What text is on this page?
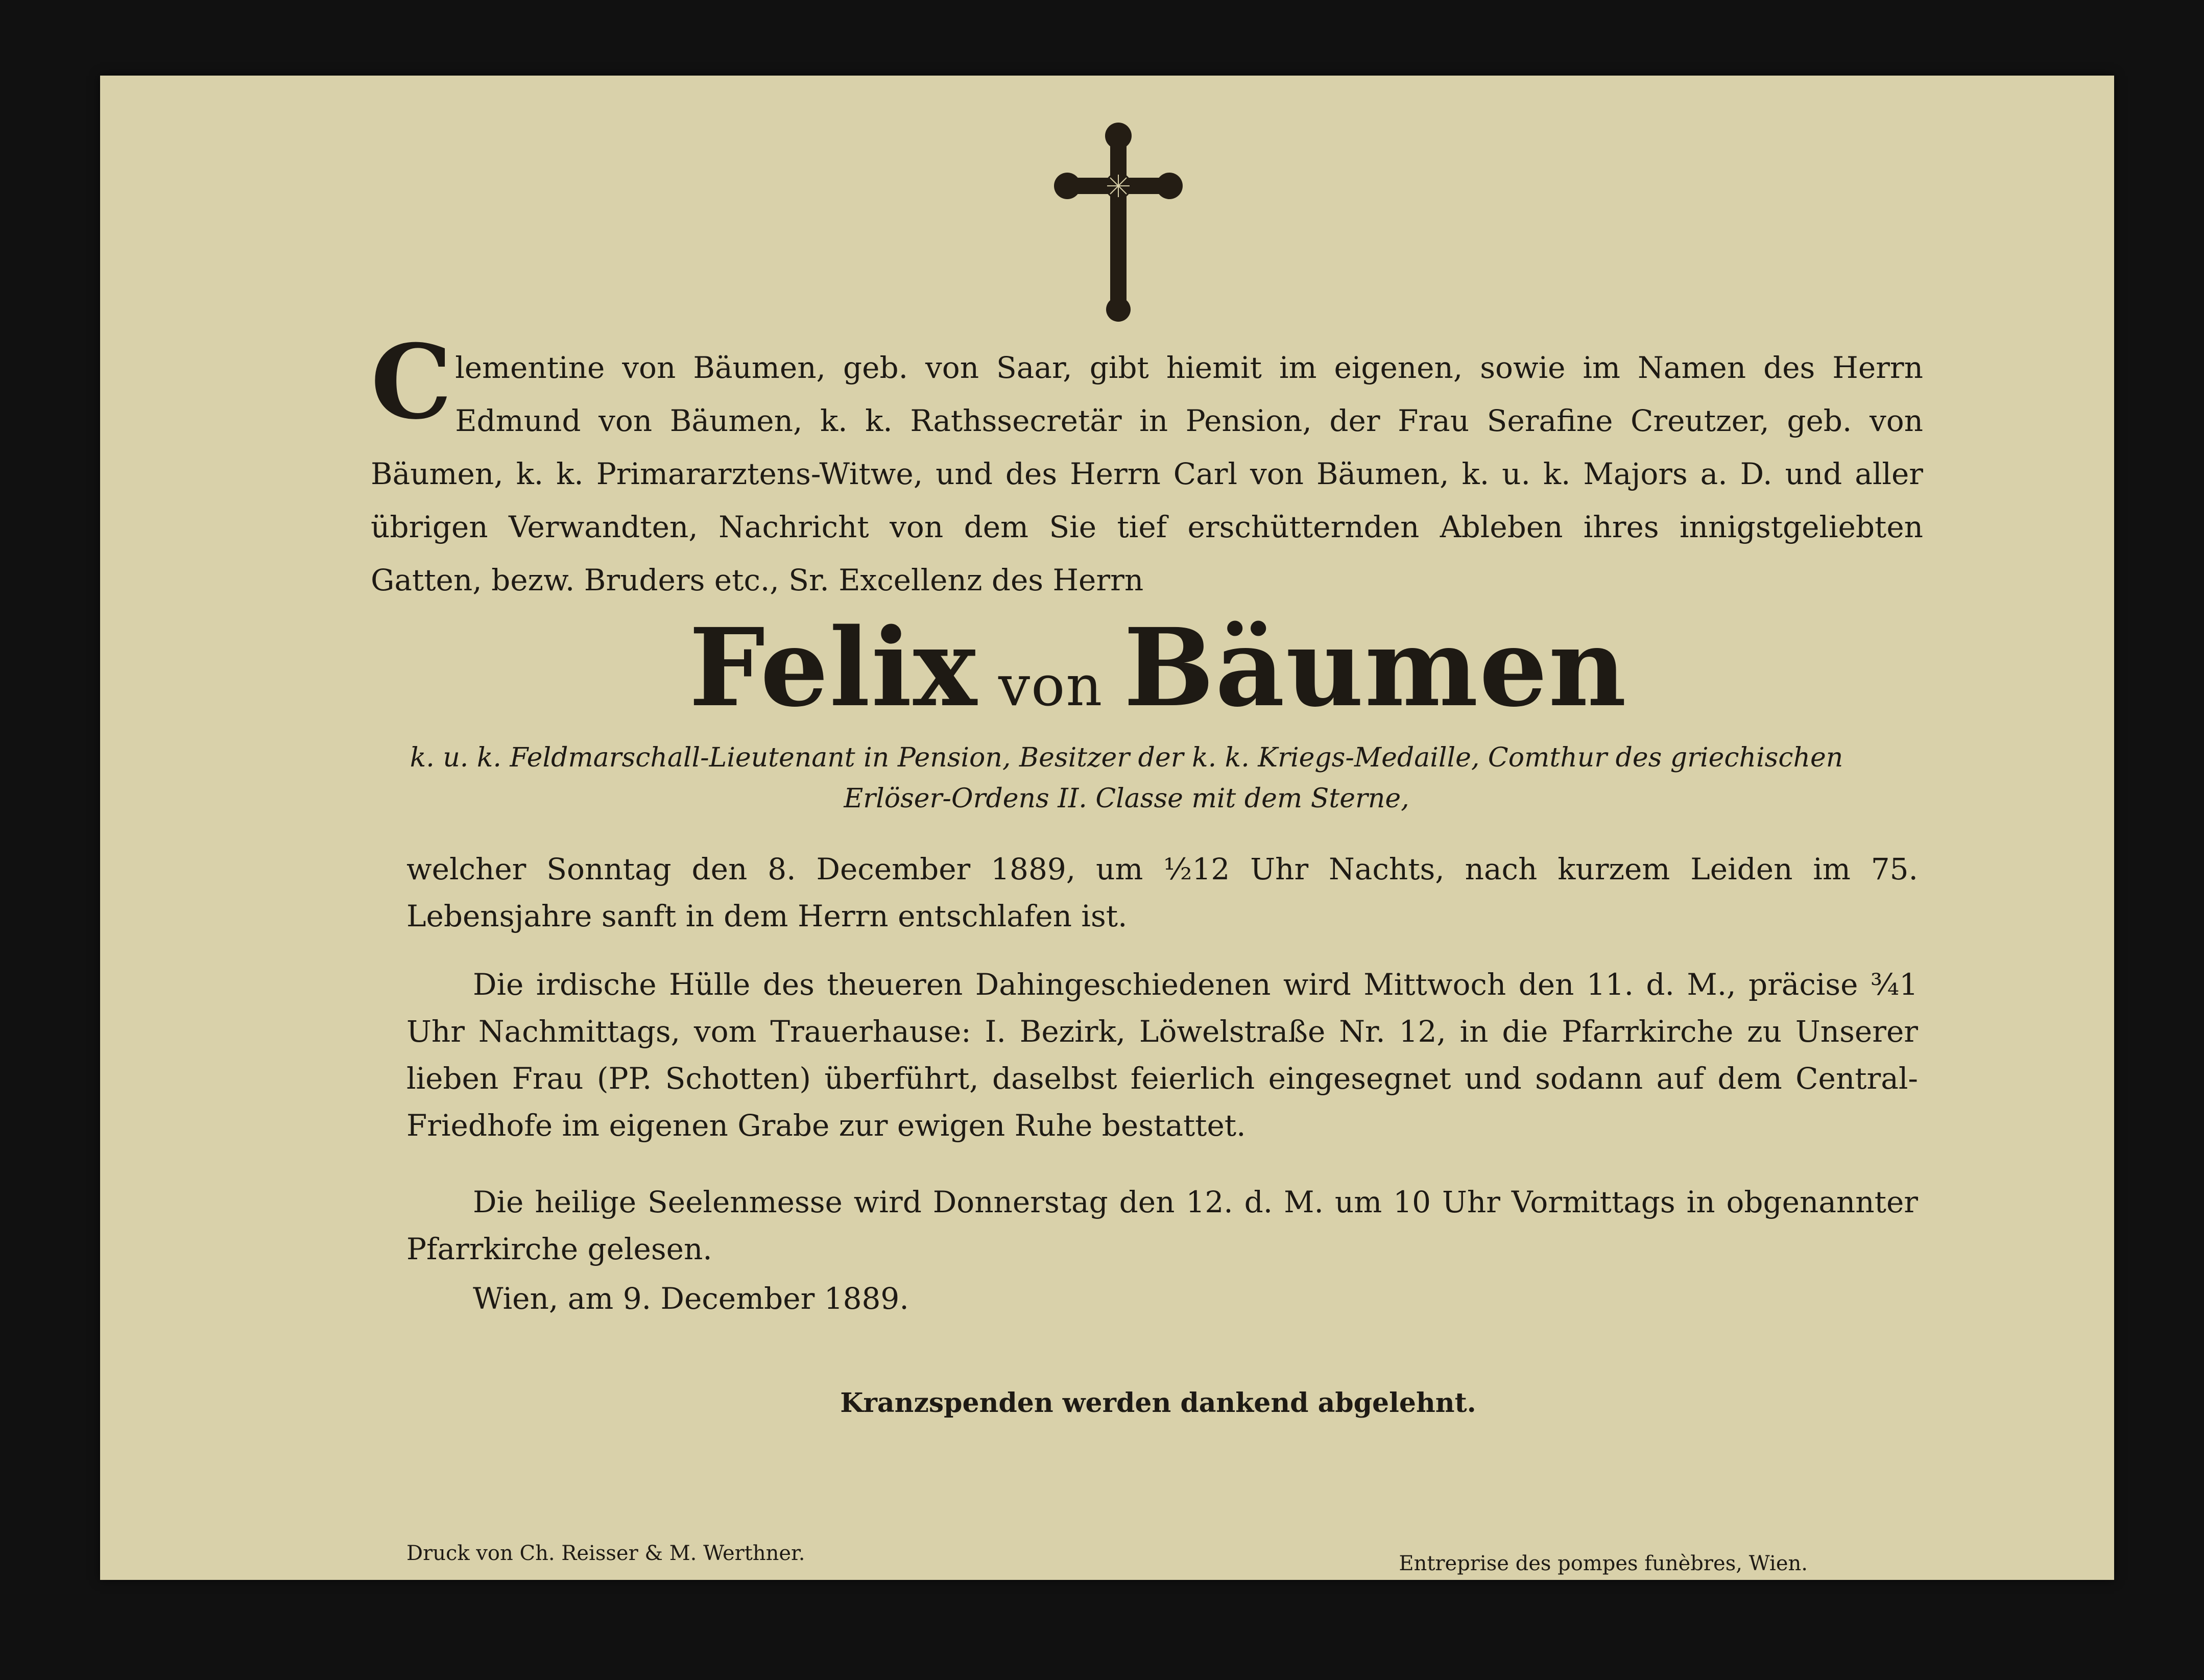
Clementine von Bäumen, geb. von Saar, gibt hiemit im eigenen, sowie im Namen des Herrn Edmund von Bäumen, k. k. Rathssecretär in Pension, der Frau Serafine Creutzer, geb. von Bäumen, k. k. Primararztens-Witwe, und des Herrn Carl von Bäumen, k. u. k. Majors a. D. und aller übrigen Verwandten, Nachricht von dem Sie tief erschütternden Ableben ihres innigstgeliebten Gatten, bezw. Bruders etc., Sr. Excellenz des Herrn
Felix von Bäumen
k. u. k. Feldmarschall-Lieutenant in Pension, Besitzer der k. k. Kriegs-Medaille, Comthur des griechischen Erlöser-Ordens II. Classe mit dem Sterne,
welcher Sonntag den 8. December 1889, um ½12 Uhr Nachts, nach kurzem Leiden im 75. Lebensjahre sanft in dem Herrn entschlafen ist.
Die irdische Hülle des theueren Dahingeschiedenen wird Mittwoch den 11. d. M., präcise ¾1 Uhr Nachmittags, vom Trauerhause: I. Bezirk, Löwelstraße Nr. 12, in die Pfarrkirche zu Unserer lieben Frau (PP. Schotten) überführt, daselbst feierlich eingesegnet und sodann auf dem Central-Friedhofe im eigenen Grabe zur ewigen Ruhe bestattet.
Die heilige Seelenmesse wird Donnerstag den 12. d. M. um 10 Uhr Vormittags in obgenannter Pfarrkirche gelesen.
Wien, am 9. December 1889.
Kranzspenden werden dankend abgelehnt.
Druck von Ch. Reisser & M. Werthner.	Entreprise des pompes funèbres, Wien.
